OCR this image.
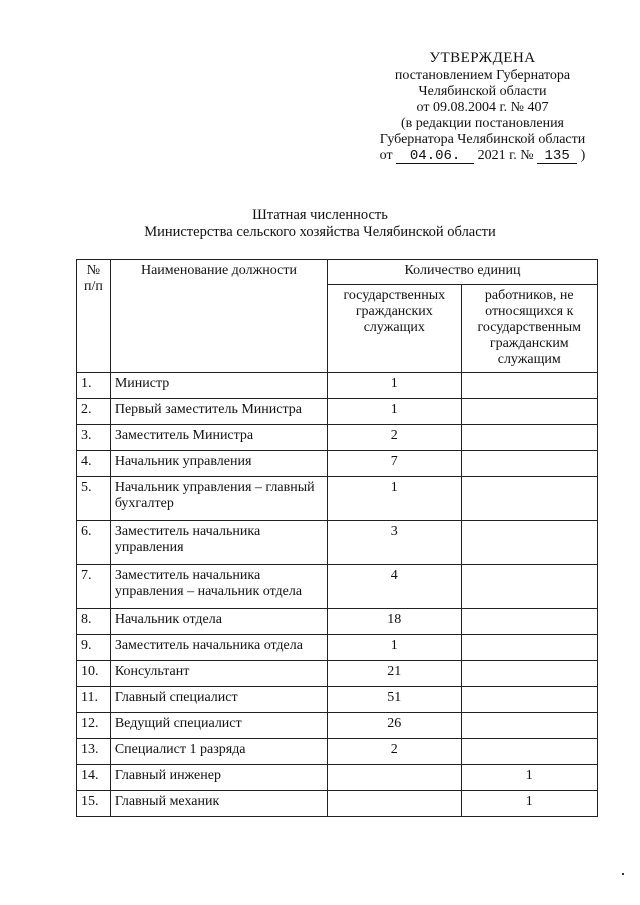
УТВЕРЖДЕНА
постановлением Губернатора
Челябинской области
от 09.08.2004 г. № 407
(в редакции постановления
Губернатора Челябинской области
от 04.06. 2021 г. № 135 )
Штатная численность
Министерства сельского хозяйства Челябинской области
№ п/п	Наименование должности	Количество единиц	
		государственных гражданских служащих	работников, не относящихся к государственным гражданским служащим
1.	Министр	1	
2.	Первый заместитель Министра	1	
3.	Заместитель Министра	2	
4.	Начальник управления	7	
5.	Начальник управления – главный бухгалтер	1	
6.	Заместитель начальника управления	3	
7.	Заместитель начальника управления – начальник отдела	4	
8.	Начальник отдела	18	
9.	Заместитель начальника отдела	1	
10.	Консультант	21	
11.	Главный специалист	51	
12.	Ведущий специалист	26	
13.	Специалист 1 разряда	2	
14.	Главный инженер		1
15.	Главный механик		1
